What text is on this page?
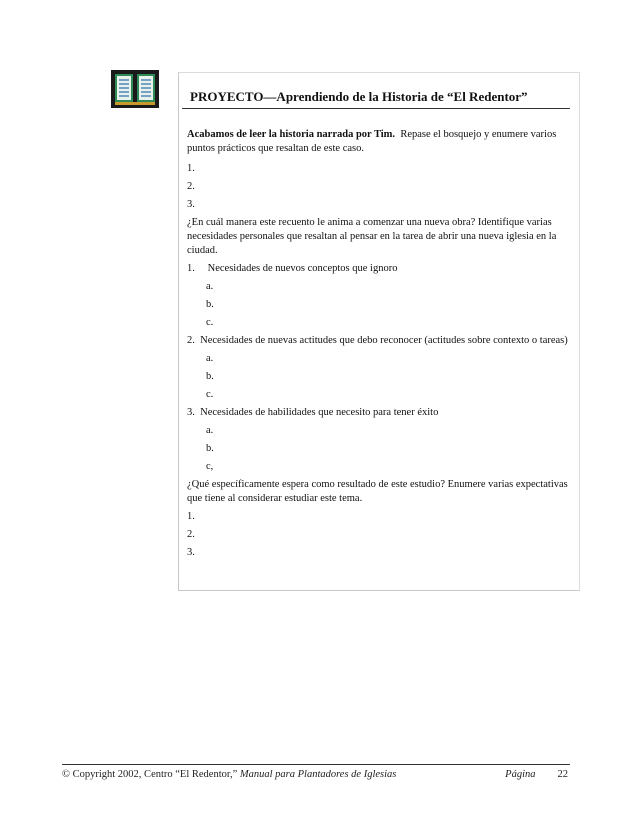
PROYECTO—Aprendiendo de la Historia de “El Redentor”

Acabamos de leer la historia narrada por Tim. Repase el bosquejo y enumere varios puntos prácticos que resaltan de este caso.

1.
2.
3.

¿En cuál manera este recuento le anima a comenzar una nueva obra? Identifique varias necesidades personales que resaltan al pensar en la tarea de abrir una nueva iglesia en la ciudad.

1. Necesidades de nuevos conceptos que ignoro
a.
b.
c.
2. Necesidades de nuevas actitudes que debo reconocer (actitudes sobre contexto o tareas)
a.
b.
c.
3. Necesidades de habilidades que necesito para tener éxito
a.
b.
c,

¿Qué específicamente espera como resultado de este estudio? Enumere varias expectativas que tiene al considerar estudiar este tema.

1.
2.
3.
© Copyright 2002, Centro “El Redentor,” Manual para Plantadores de Iglesias	Página 22
